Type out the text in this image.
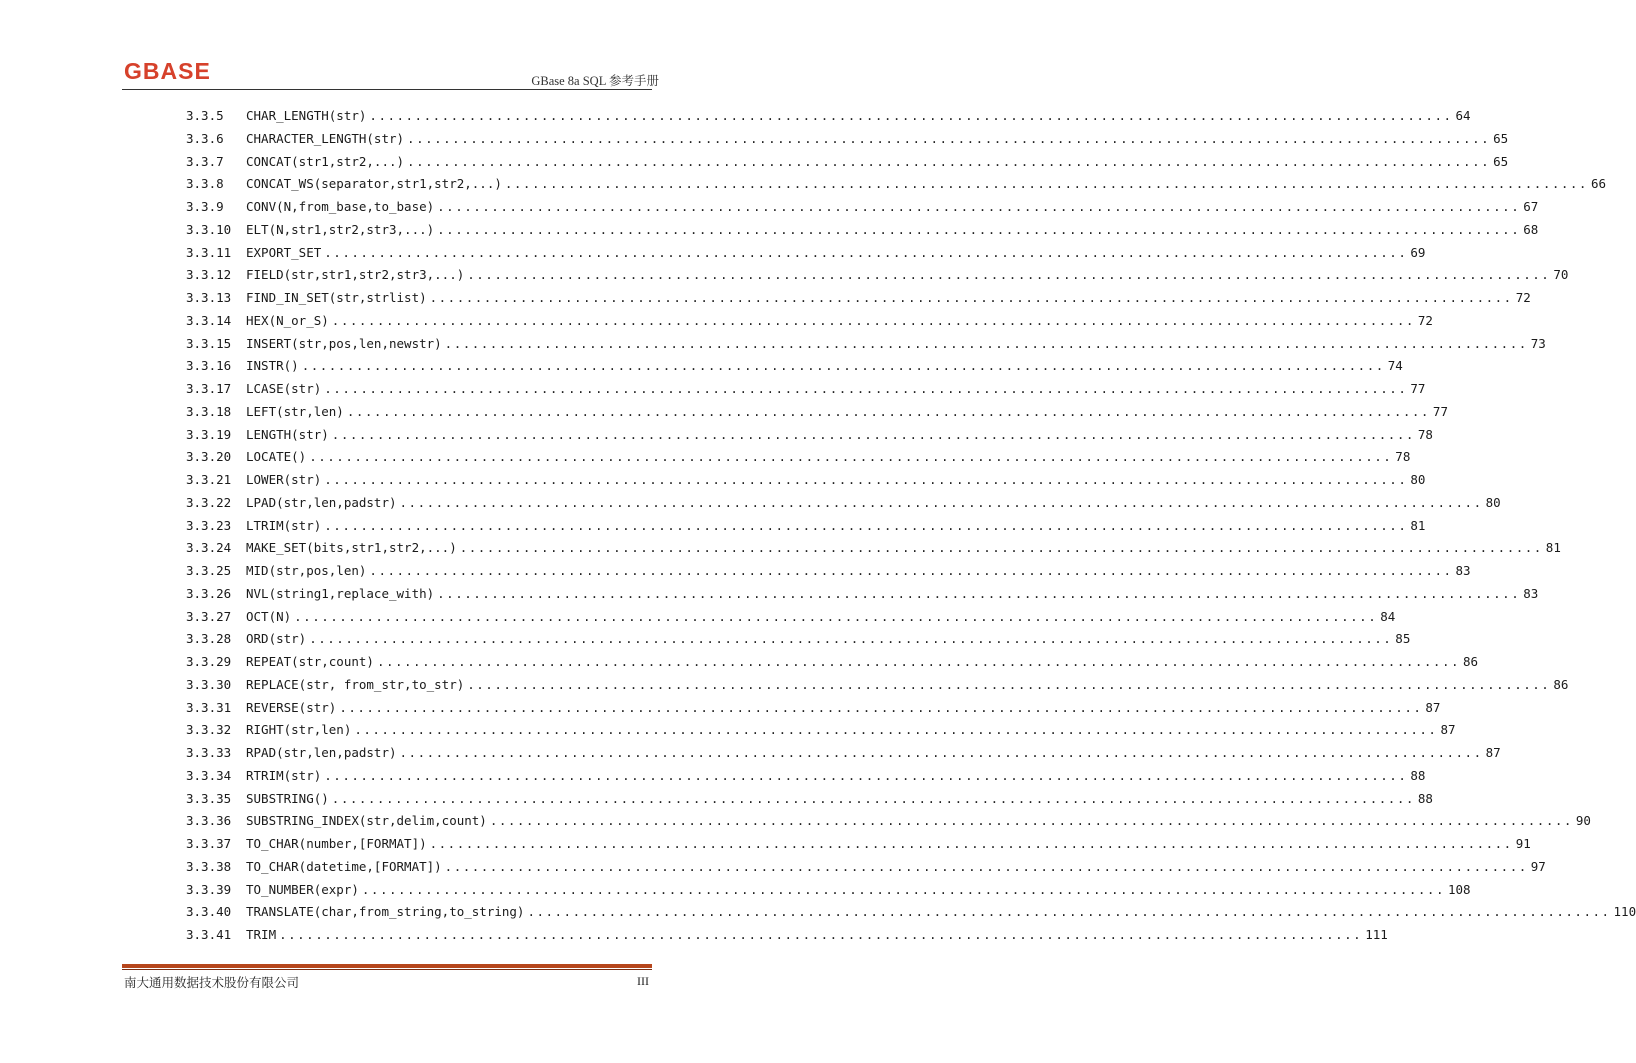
GBASE	GBase 8a SQL 参考手册
3.3.5	CHAR_LENGTH(str) ........................................................................................................................ 64
3.3.6	CHARACTER_LENGTH(str) ........................................................................................................................ 65
3.3.7	CONCAT(str1,str2,...) ........................................................................................................................ 65
3.3.8	CONCAT_WS(separator,str1,str2,...) ........................................................................................................................ 66
3.3.9	CONV(N,from_base,to_base) ........................................................................................................................ 67
3.3.10	ELT(N,str1,str2,str3,...) ........................................................................................................................ 68
3.3.11	EXPORT_SET ........................................................................................................................ 69
3.3.12	FIELD(str,str1,str2,str3,...) ........................................................................................................................ 70
3.3.13	FIND_IN_SET(str,strlist) ........................................................................................................................ 72
3.3.14	HEX(N_or_S) ........................................................................................................................ 72
3.3.15	INSERT(str,pos,len,newstr) ........................................................................................................................ 73
3.3.16	INSTR() ........................................................................................................................ 74
3.3.17	LCASE(str) ........................................................................................................................ 77
3.3.18	LEFT(str,len) ........................................................................................................................ 77
3.3.19	LENGTH(str) ........................................................................................................................ 78
3.3.20	LOCATE() ........................................................................................................................ 78
3.3.21	LOWER(str) ........................................................................................................................ 80
3.3.22	LPAD(str,len,padstr) ........................................................................................................................ 80
3.3.23	LTRIM(str) ........................................................................................................................ 81
3.3.24	MAKE_SET(bits,str1,str2,...) ........................................................................................................................ 81
3.3.25	MID(str,pos,len) ........................................................................................................................ 83
3.3.26	NVL(string1,replace_with) ........................................................................................................................ 83
3.3.27	OCT(N) ........................................................................................................................ 84
3.3.28	ORD(str) ........................................................................................................................ 85
3.3.29	REPEAT(str,count) ........................................................................................................................ 86
3.3.30	REPLACE(str, from_str,to_str) ........................................................................................................................ 86
3.3.31	REVERSE(str) ........................................................................................................................ 87
3.3.32	RIGHT(str,len) ........................................................................................................................ 87
3.3.33	RPAD(str,len,padstr) ........................................................................................................................ 87
3.3.34	RTRIM(str) ........................................................................................................................ 88
3.3.35	SUBSTRING() ........................................................................................................................ 88
3.3.36	SUBSTRING_INDEX(str,delim,count) ........................................................................................................................ 90
3.3.37	TO_CHAR(number,[FORMAT]) ........................................................................................................................ 91
3.3.38	TO_CHAR(datetime,[FORMAT]) ........................................................................................................................ 97
3.3.39	TO_NUMBER(expr) ........................................................................................................................ 108
3.3.40	TRANSLATE(char,from_string,to_string) ........................................................................................................................ 110
3.3.41	TRIM ........................................................................................................................ 111
南大通用数据技术股份有限公司	III
